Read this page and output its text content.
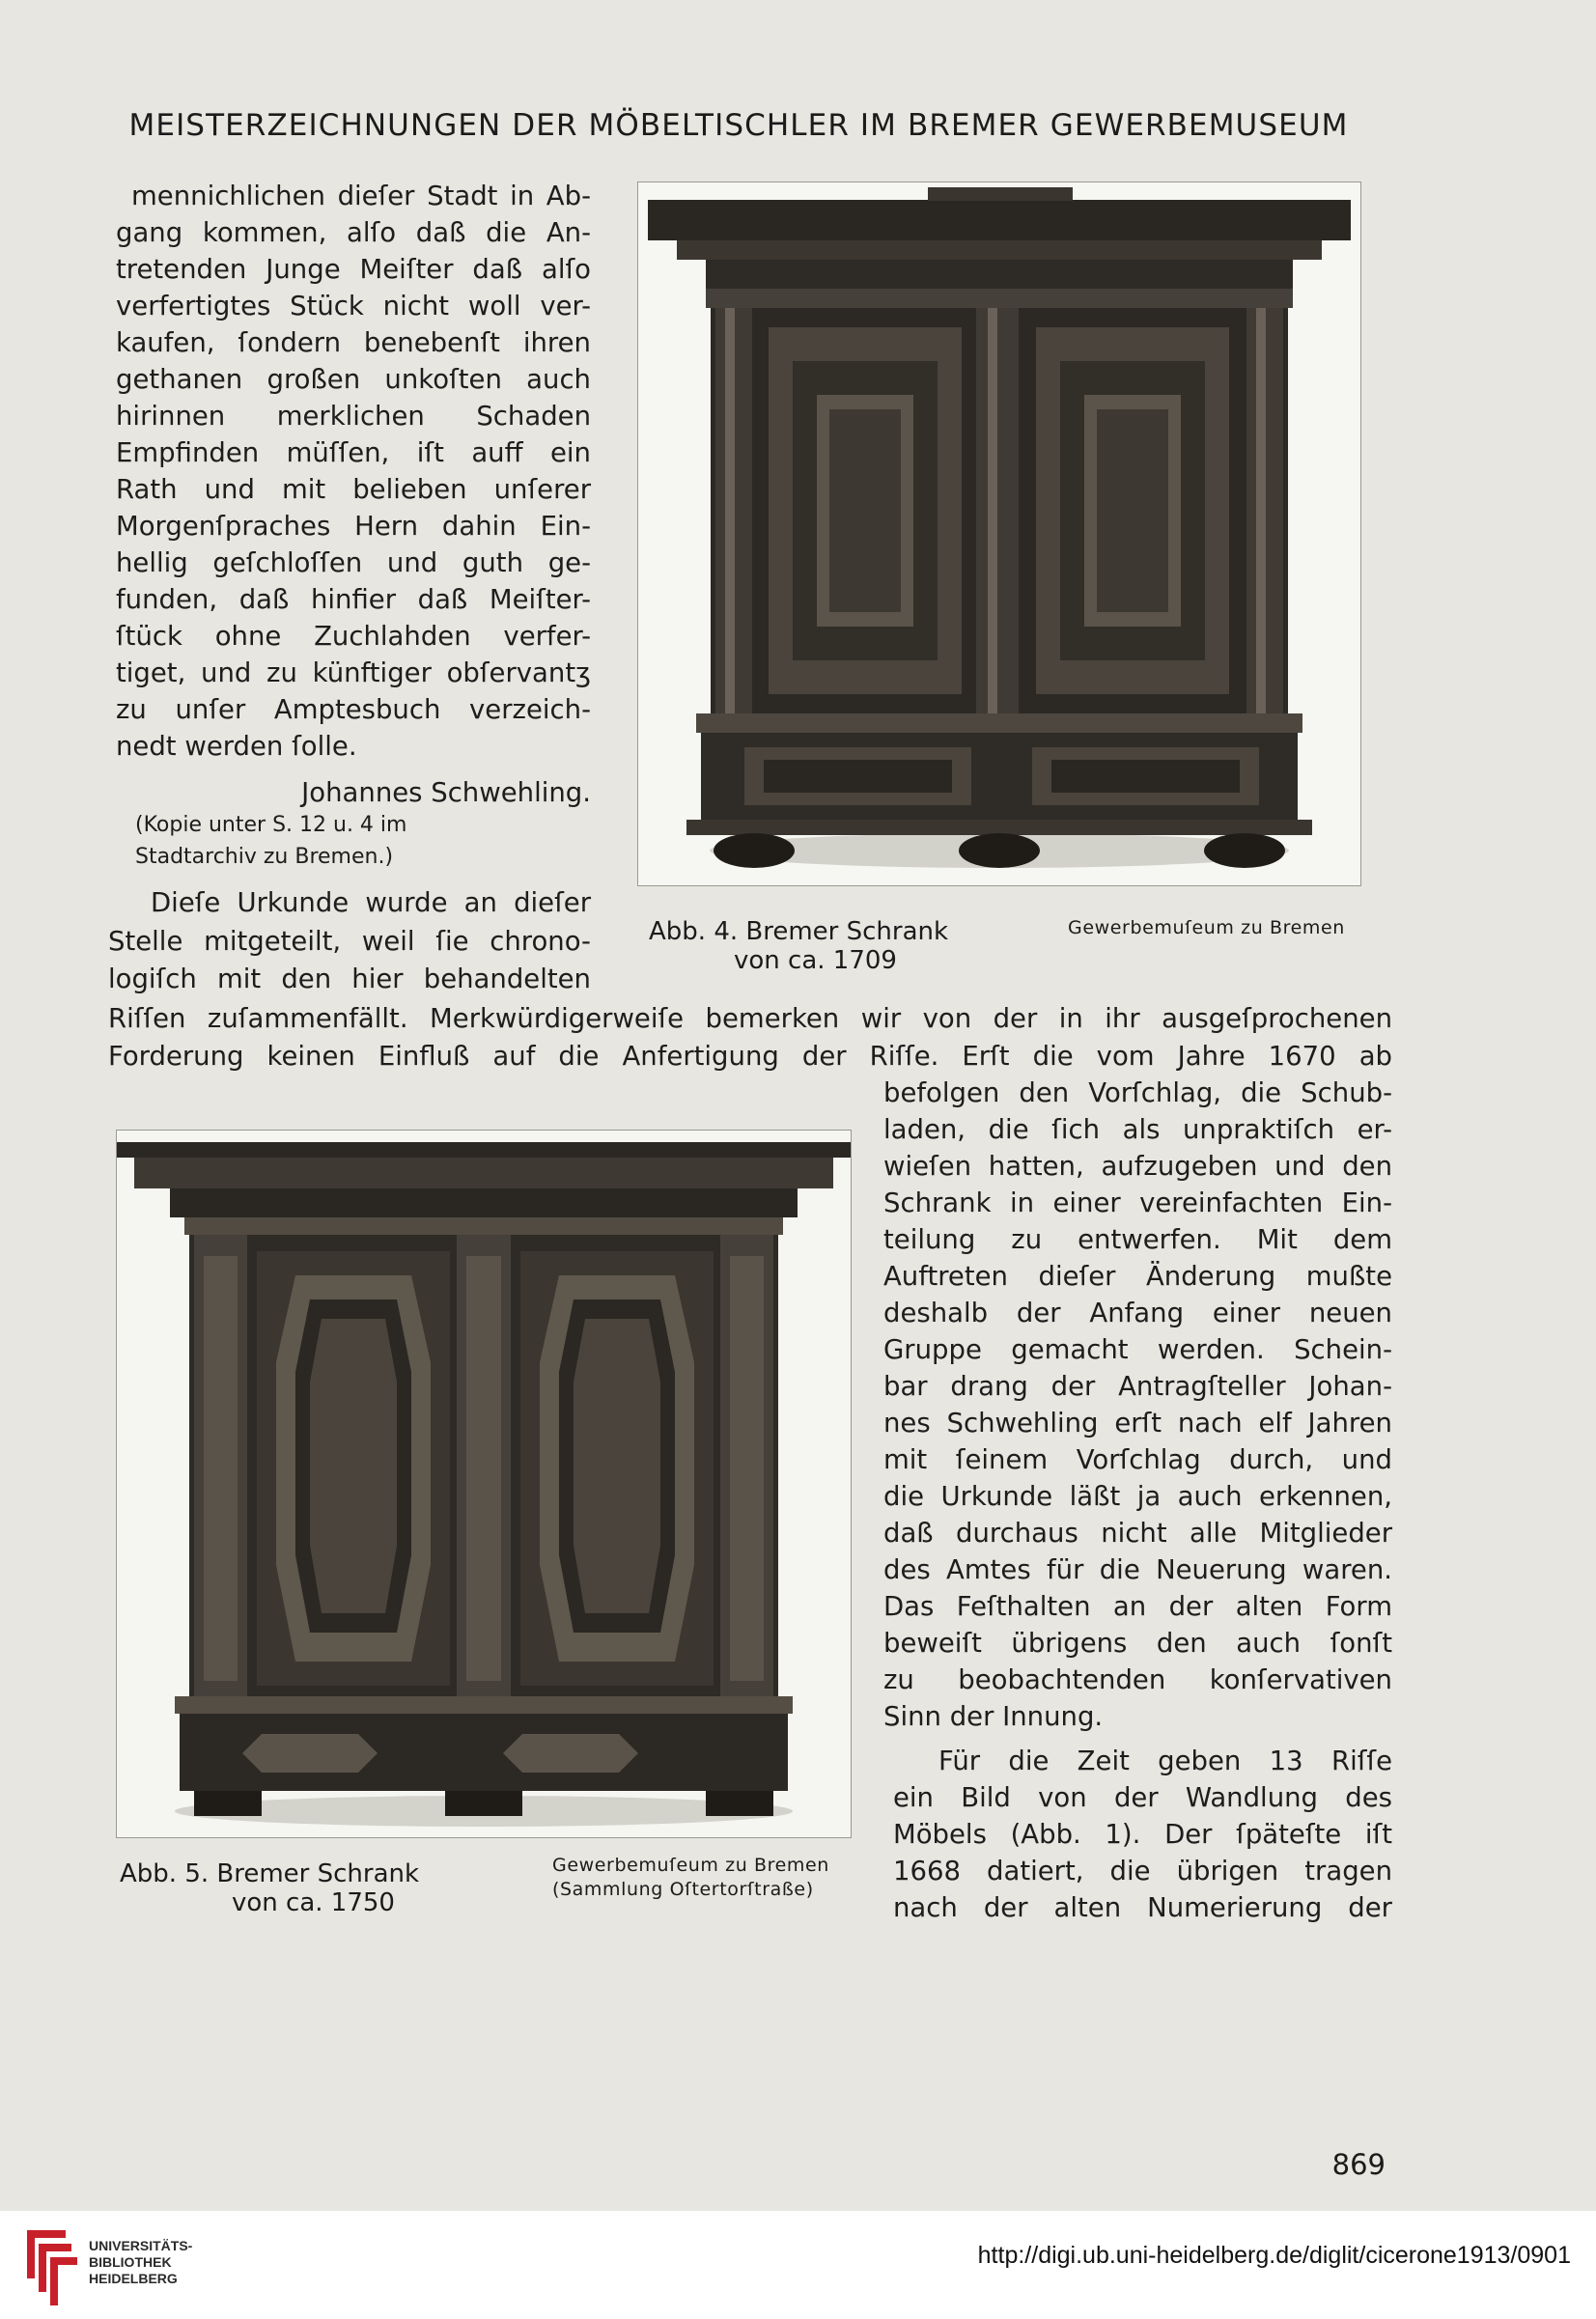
MEISTERZEICHNUNGEN DER MÖBELTISCHLER IM BREMER GEWERBEMUSEUM
mennichlichen dieſer Stadt in Ab-
gang kommen, alſo daß die An-
tretenden Junge Meiſter daß alſo
verfertigtes Stück nicht woll ver-
kaufen, ſondern benebenſt ihren
gethanen großen unkoſten auch
hirinnen merklichen Schaden
Empfinden müſſen, iſt auff ein
Rath und mit belieben unſerer
Morgenſpraches Hern dahin Ein-
hellig geſchloſſen und guth ge-
funden, daß hinfier daß Meiſter-
ſtück ohne Zuchlahden verfer-
tiget, und zu künftiger obſervantʒ
zu unſer Amptesbuch verzeich-
nedt werden ſolle.
Johannes Schwehling.
(Kopie unter S. 12 u. 4 im
Stadtarchiv zu Bremen.)
Dieſe Urkunde wurde an dieſer
Stelle mitgeteilt, weil ſie chrono-
logiſch mit den hier behandelten
Riſſen zuſammenfällt. Merkwürdigerweiſe bemerken wir von der in ihr ausgeſprochenen
Forderung keinen Einfluß auf die Anfertigung der Riſſe. Erſt die vom Jahre 1670 ab
befolgen den Vorſchlag, die Schub-
laden, die ſich als unpraktiſch er-
wieſen hatten, aufzugeben und den
Schrank in einer vereinfachten Ein-
teilung zu entwerfen. Mit dem
Auftreten dieſer Änderung mußte
deshalb der Anfang einer neuen
Gruppe gemacht werden. Schein-
bar drang der Antragſteller Johan-
nes Schwehling erſt nach elf Jahren
mit ſeinem Vorſchlag durch, und
die Urkunde läßt ja auch erkennen,
daß durchaus nicht alle Mitglieder
des Amtes für die Neuerung waren.
Das Feſthalten an der alten Form
beweiſt übrigens den auch ſonſt
zu beobachtenden konſervativen
Sinn der Innung.
Für die Zeit geben 13 Riſſe
ein Bild von der Wandlung des
Möbels (Abb. 1). Der ſpäteſte iſt
1668 datiert, die übrigen tragen
nach der alten Numerierung der
Abb. 4. Bremer Schrank
von ca. 1709
Gewerbemuſeum zu Bremen
Abb. 5. Bremer Schrank
von ca. 1750
Gewerbemuſeum zu Bremen
(Sammlung Oſtertorſtraße)
869
UNIVERSITÄTS-
BIBLIOTHEK
HEIDELBERG
http://digi.ub.uni-heidelberg.de/diglit/cicerone1913/0901
